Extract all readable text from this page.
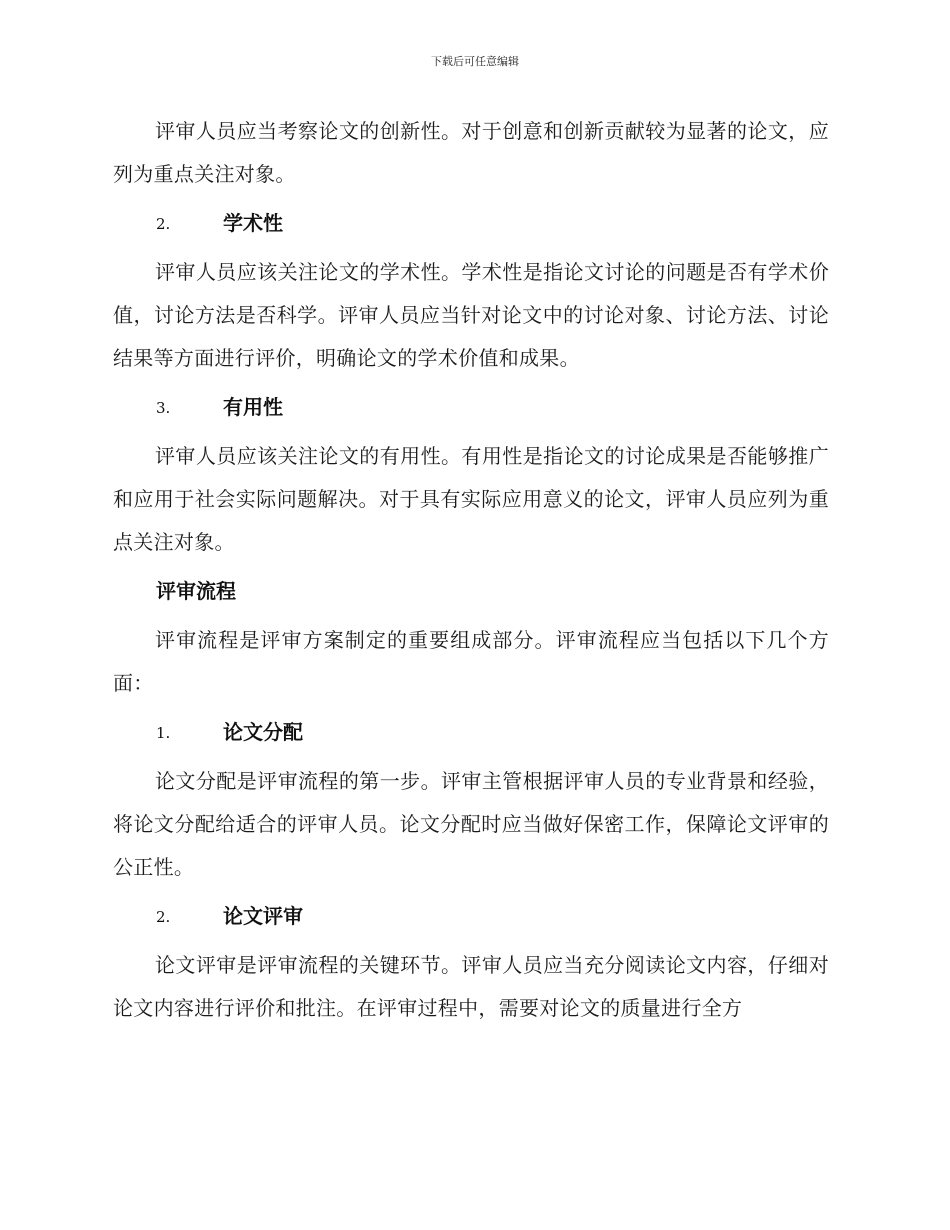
下载后可任意编辑

评审人员应当考察论文的创新性。对于创意和创新贡献较为显著的论文，应列为重点关注对象。

2.	学术性

评审人员应该关注论文的学术性。学术性是指论文讨论的问题是否有学术价值，讨论方法是否科学。评审人员应当针对论文中的讨论对象、讨论方法、讨论结果等方面进行评价，明确论文的学术价值和成果。

3.	有用性

评审人员应该关注论文的有用性。有用性是指论文的讨论成果是否能够推广和应用于社会实际问题解决。对于具有实际应用意义的论文，评审人员应列为重点关注对象。

评审流程

评审流程是评审方案制定的重要组成部分。评审流程应当包括以下几个方面：

1.	论文分配

论文分配是评审流程的第一步。评审主管根据评审人员的专业背景和经验，将论文分配给适合的评审人员。论文分配时应当做好保密工作，保障论文评审的公正性。

2.	论文评审

论文评审是评审流程的关键环节。评审人员应当充分阅读论文内容，仔细对论文内容进行评价和批注。在评审过程中，需要对论文的质量进行全方
